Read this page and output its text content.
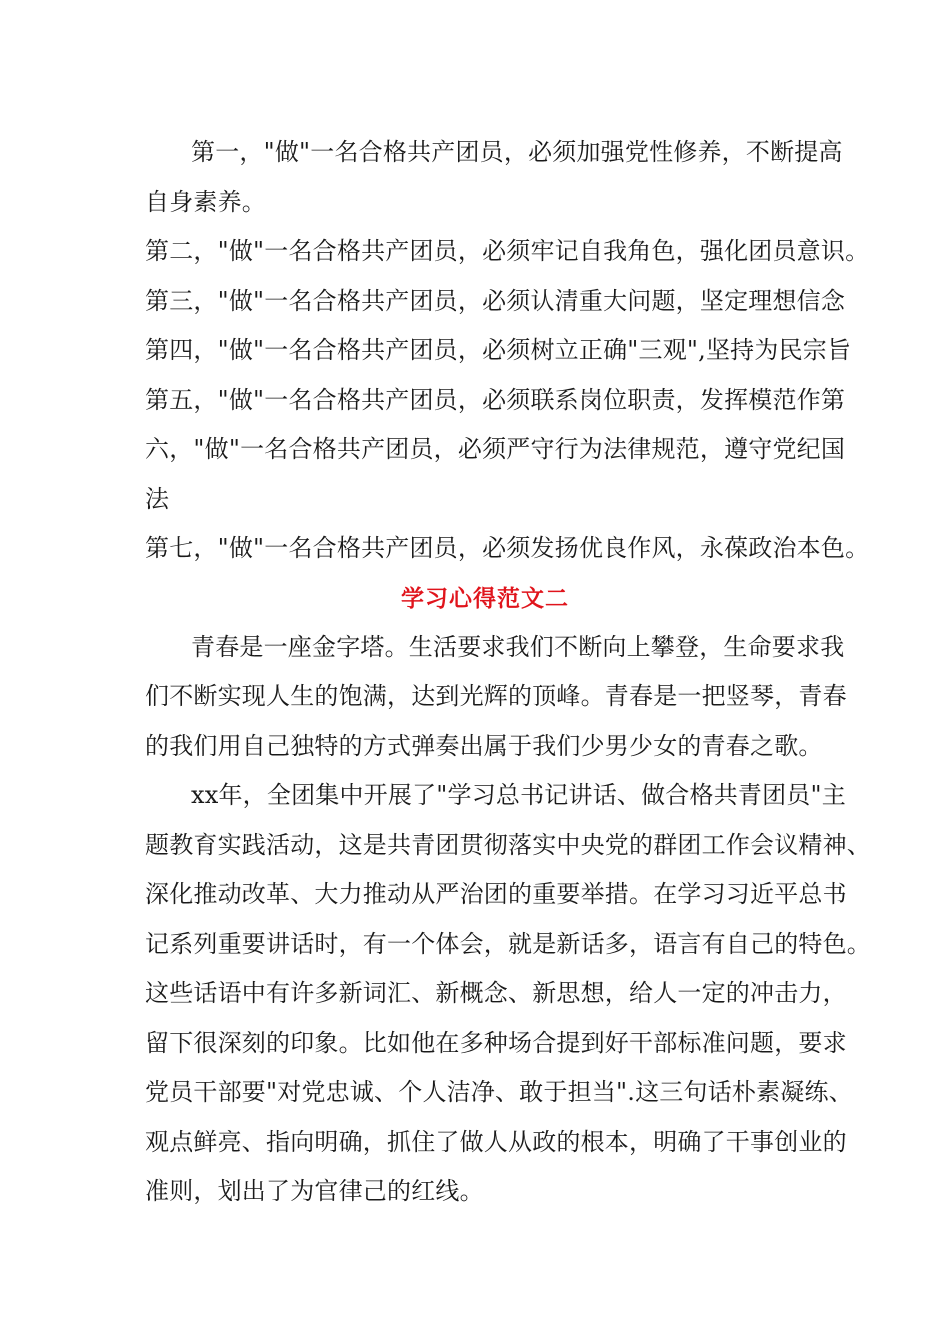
第一，"做"一名合格共产团员，必须加强党性修养，不断提高
自身素养。
第二，"做"一名合格共产团员，必须牢记自我角色，强化团员意识。
第三，"做"一名合格共产团员，必须认清重大问题，坚定理想信念
第四，"做"一名合格共产团员，必须树立正确"三观",坚持为民宗旨
第五，"做"一名合格共产团员，必须联系岗位职责，发挥模范作第
六，"做"一名合格共产团员，必须严守行为法律规范，遵守党纪国
法
第七，"做"一名合格共产团员，必须发扬优良作风，永葆政治本色。
学习心得范文二
青春是一座金字塔。生活要求我们不断向上攀登，生命要求我
们不断实现人生的饱满，达到光辉的顶峰。青春是一把竖琴，青春
的我们用自己独特的方式弹奏出属于我们少男少女的青春之歌。
xx年，全团集中开展了"学习总书记讲话、做合格共青团员"主
题教育实践活动，这是共青团贯彻落实中央党的群团工作会议精神、
深化推动改革、大力推动从严治团的重要举措。在学习习近平总书
记系列重要讲话时，有一个体会，就是新话多，语言有自己的特色。
这些话语中有许多新词汇、新概念、新思想，给人一定的冲击力，
留下很深刻的印象。比如他在多种场合提到好干部标准问题，要求
党员干部要"对党忠诚、个人洁净、敢于担当".这三句话朴素凝练、
观点鲜亮、指向明确，抓住了做人从政的根本，明确了干事创业的
准则，划出了为官律己的红线。
